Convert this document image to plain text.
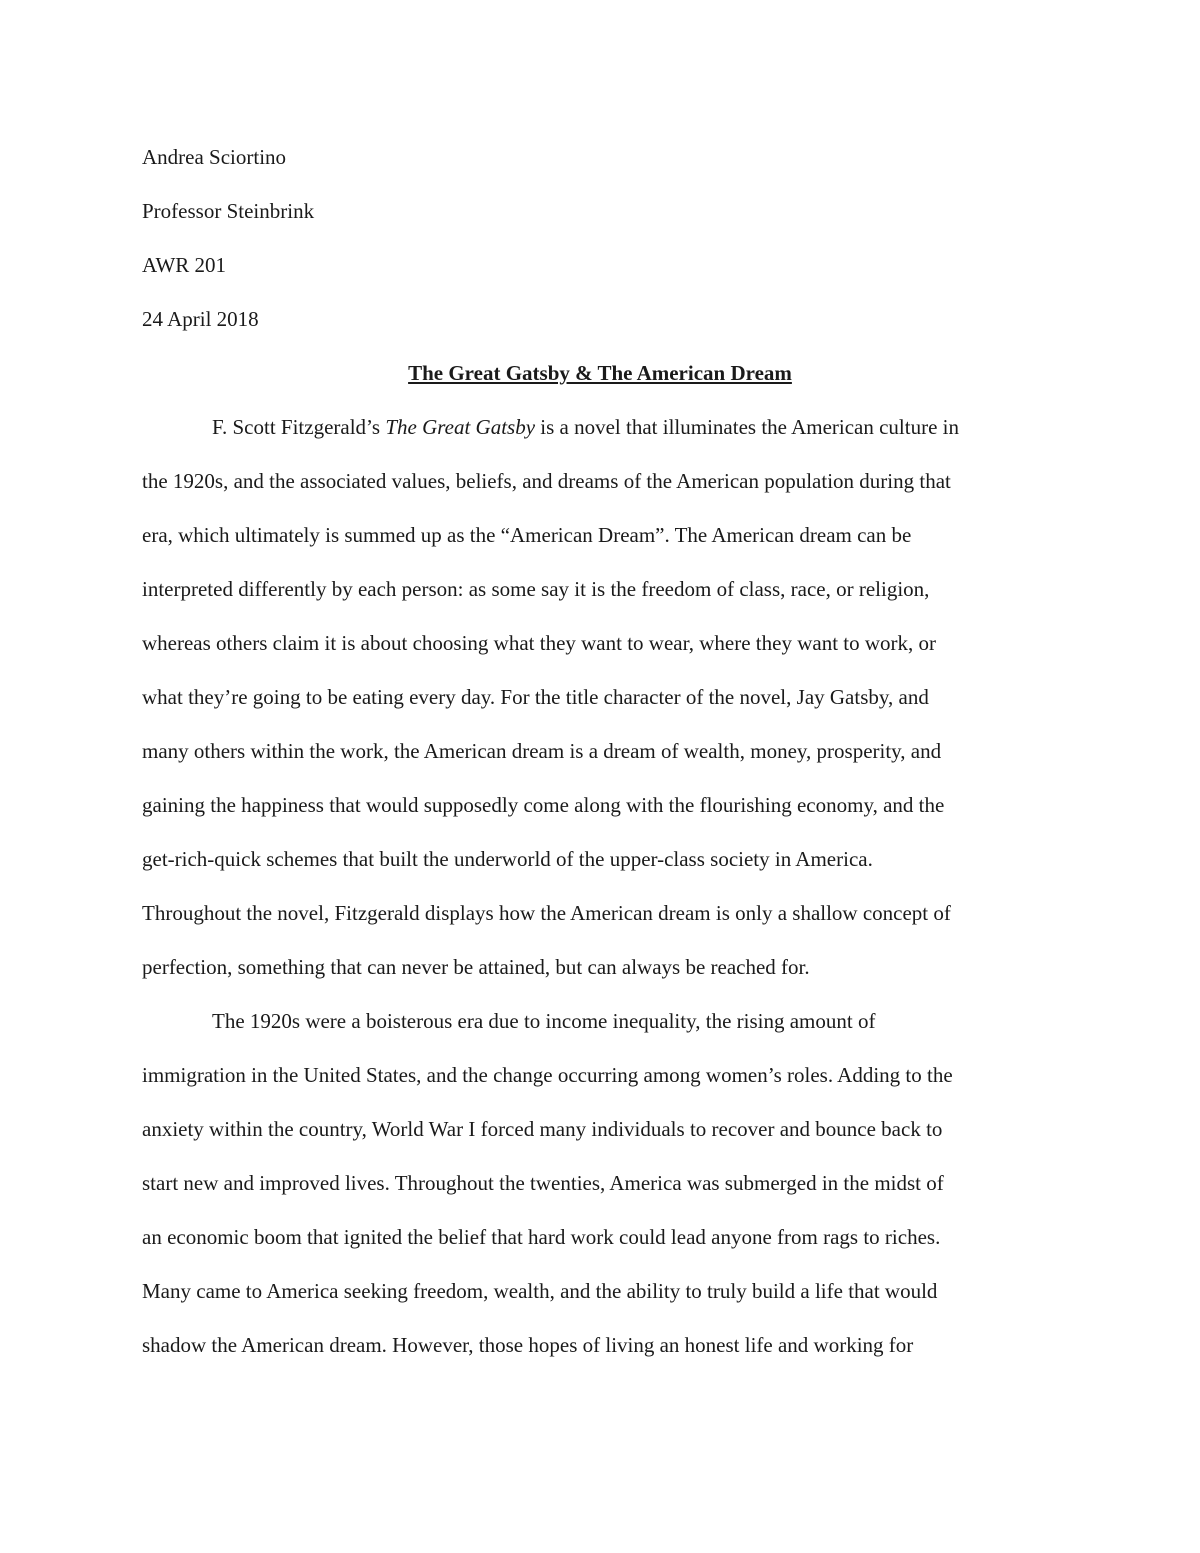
Andrea Sciortino
Professor Steinbrink
AWR 201
24 April 2018
The Great Gatsby & The American Dream
F. Scott Fitzgerald’s The Great Gatsby is a novel that illuminates the American culture in
the 1920s, and the associated values, beliefs, and dreams of the American population during that
era, which ultimately is summed up as the “American Dream”. The American dream can be
interpreted differently by each person: as some say it is the freedom of class, race, or religion,
whereas others claim it is about choosing what they want to wear, where they want to work, or
what they’re going to be eating every day. For the title character of the novel, Jay Gatsby, and
many others within the work, the American dream is a dream of wealth, money, prosperity, and
gaining the happiness that would supposedly come along with the flourishing economy, and the
get-rich-quick schemes that built the underworld of the upper-class society in America.
Throughout the novel, Fitzgerald displays how the American dream is only a shallow concept of
perfection, something that can never be attained, but can always be reached for.
The 1920s were a boisterous era due to income inequality, the rising amount of
immigration in the United States, and the change occurring among women’s roles. Adding to the
anxiety within the country, World War I forced many individuals to recover and bounce back to
start new and improved lives. Throughout the twenties, America was submerged in the midst of
an economic boom that ignited the belief that hard work could lead anyone from rags to riches.
Many came to America seeking freedom, wealth, and the ability to truly build a life that would
shadow the American dream. However, those hopes of living an honest life and working for
